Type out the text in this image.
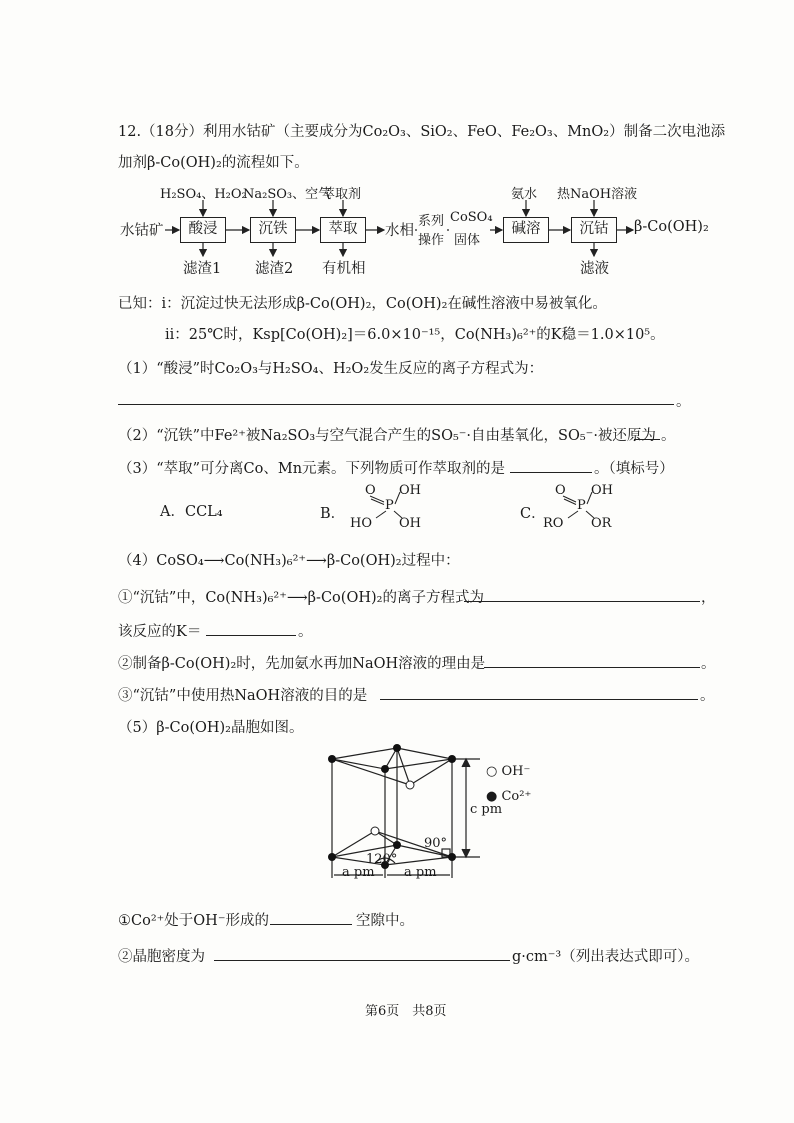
12.（18分）利用水钴矿（主要成分为Co₂O₃、SiO₂、FeO、Fe₂O₃、MnO₂）制备二次电池添
加剂β-Co(OH)₂的流程如下。
H₂SO₄、H₂O₂
Na₂SO₃、空气
萃取剂	氨水 热NaOH溶液
水钴矿	酸浸	沉铁	萃取	水相
系列
操作
CoSO₄
固体
碱溶	沉钴	β-Co(OH)₂
滤渣1 滤渣2 有机相	滤液
已知：i：沉淀过快无法形成β-Co(OH)₂，Co(OH)₂在碱性溶液中易被氧化。
ii：25℃时，Ksp[Co(OH)₂]＝6.0×10⁻¹⁵，Co(NH₃)₆²⁺的K稳＝1.0×10⁵。
（1）“酸浸”时Co₂O₃与H₂SO₄、H₂O₂发生反应的离子方程式为：
。
（2）“沉铁”中Fe²⁺被Na₂SO₃与空气混合产生的SO₅⁻·自由基氧化，SO₅⁻·被还原为 。
（3）“萃取”可分离Co、Mn元素。下列物质可作萃取剂的是	。（填标号）
A．CCL₄	B．
O
P
OH
HO OH
C．
O
P
OH
RO OR
（4）CoSO₄⟶Co(NH₃)₆²⁺⟶β-Co(OH)₂过程中：
①“沉钴”中，Co(NH₃)₆²⁺⟶β-Co(OH)₂的离子方程式为	，
该反应的K＝	。
②制备β-Co(OH)₂时，先加氨水再加NaOH溶液的理由是	。
③“沉钴”中使用热NaOH溶液的目的是	。
（5）β-Co(OH)₂晶胞如图。
○ OH⁻
● Co²⁺
c pm
120°
90°
a pm a pm
①Co²⁺处于OH⁻形成的	空隙中。
②晶胞密度为	g·cm⁻³（列出表达式即可）。
第6页　共8页
